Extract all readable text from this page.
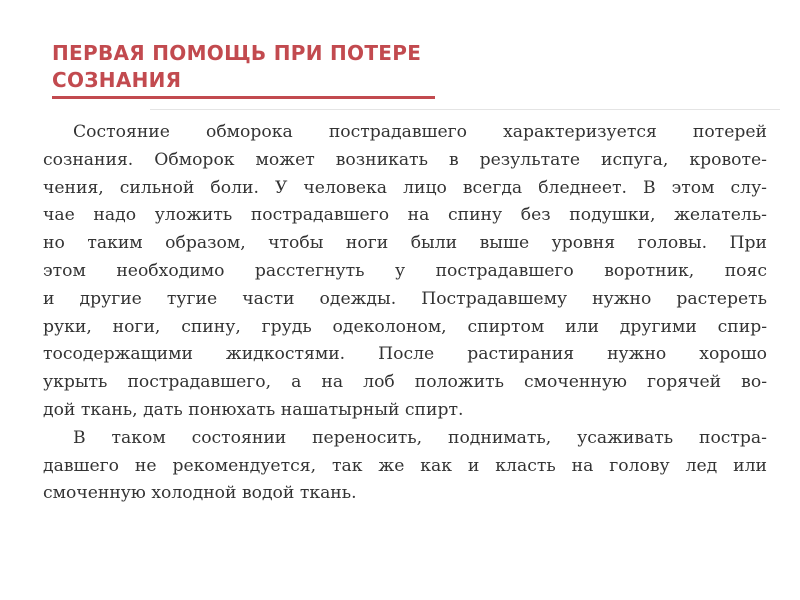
ПЕРВАЯ ПОМОЩЬ ПРИ ПОТЕРЕ
СОЗНАНИЯ
Состояние обморока пострадавшего характеризуется потерей
сознания. Обморок может возникать в результате испуга, кровоте-
чения, сильной боли. У человека лицо всегда бледнеет. В этом слу-
чае надо уложить пострадавшего на спину без подушки, желатель-
но таким образом, чтобы ноги были выше уровня головы. При
этом необходимо расстегнуть у пострадавшего воротник, пояс
и другие тугие части одежды. Пострадавшему нужно растереть
руки, ноги, спину, грудь одеколоном, спиртом или другими спир-
тосодержащими жидкостями. После растирания нужно хорошо
укрыть пострадавшего, а на лоб положить смоченную горячей во-
дой ткань, дать понюхать нашатырный спирт.
В таком состоянии переносить, поднимать, усаживать постра-
давшего не рекомендуется, так же как и класть на голову лед или
смоченную холодной водой ткань.
